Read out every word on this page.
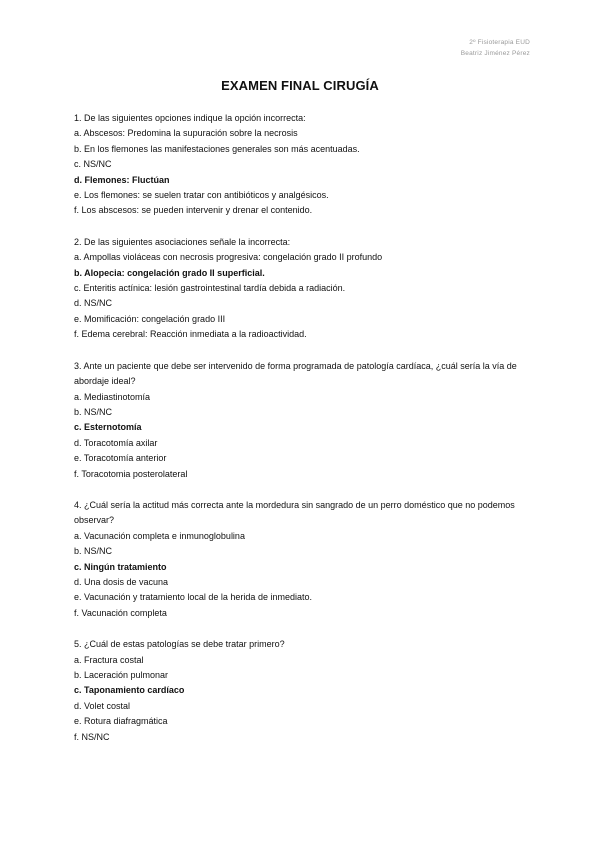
2º Fisioterapia EUD
Beatriz Jiménez Pérez
EXAMEN FINAL CIRUGÍA
1. De las siguientes opciones indique la opción incorrecta:
a. Abscesos: Predomina la supuración sobre la necrosis
b. En los flemones las manifestaciones generales son más acentuadas.
c. NS/NC
d. Flemones: Fluctúan
e. Los flemones: se suelen tratar con antibióticos y analgésicos.
f. Los abscesos: se pueden intervenir y drenar el contenido.
2. De las siguientes asociaciones señale la incorrecta:
a. Ampollas violáceas con necrosis progresiva: congelación grado II profundo
b. Alopecia: congelación grado II superficial.
c. Enteritis actínica: lesión gastrointestinal tardía debida a radiación.
d. NS/NC
e. Momificación: congelación grado III
f. Edema cerebral: Reacción inmediata a la radioactividad.
3. Ante un paciente que debe ser intervenido de forma programada de patología cardíaca, ¿cuál sería la vía de abordaje ideal?
a. Mediastinotomía
b. NS/NC
c. Esternotomía
d. Toracotomía axilar
e. Toracotomía anterior
f. Toracotomia posterolateral
4. ¿Cuál sería la actitud más correcta ante la mordedura sin sangrado de un perro doméstico que no podemos observar?
a. Vacunación completa e inmunoglobulina
b. NS/NC
c. Ningún tratamiento
d. Una dosis de vacuna
e. Vacunación y tratamiento local de la herida de inmediato.
f. Vacunación completa
5. ¿Cuál de estas patologías se debe tratar primero?
a. Fractura costal
b. Laceración pulmonar
c. Taponamiento cardíaco
d. Volet costal
e. Rotura diafragmática
f. NS/NC
